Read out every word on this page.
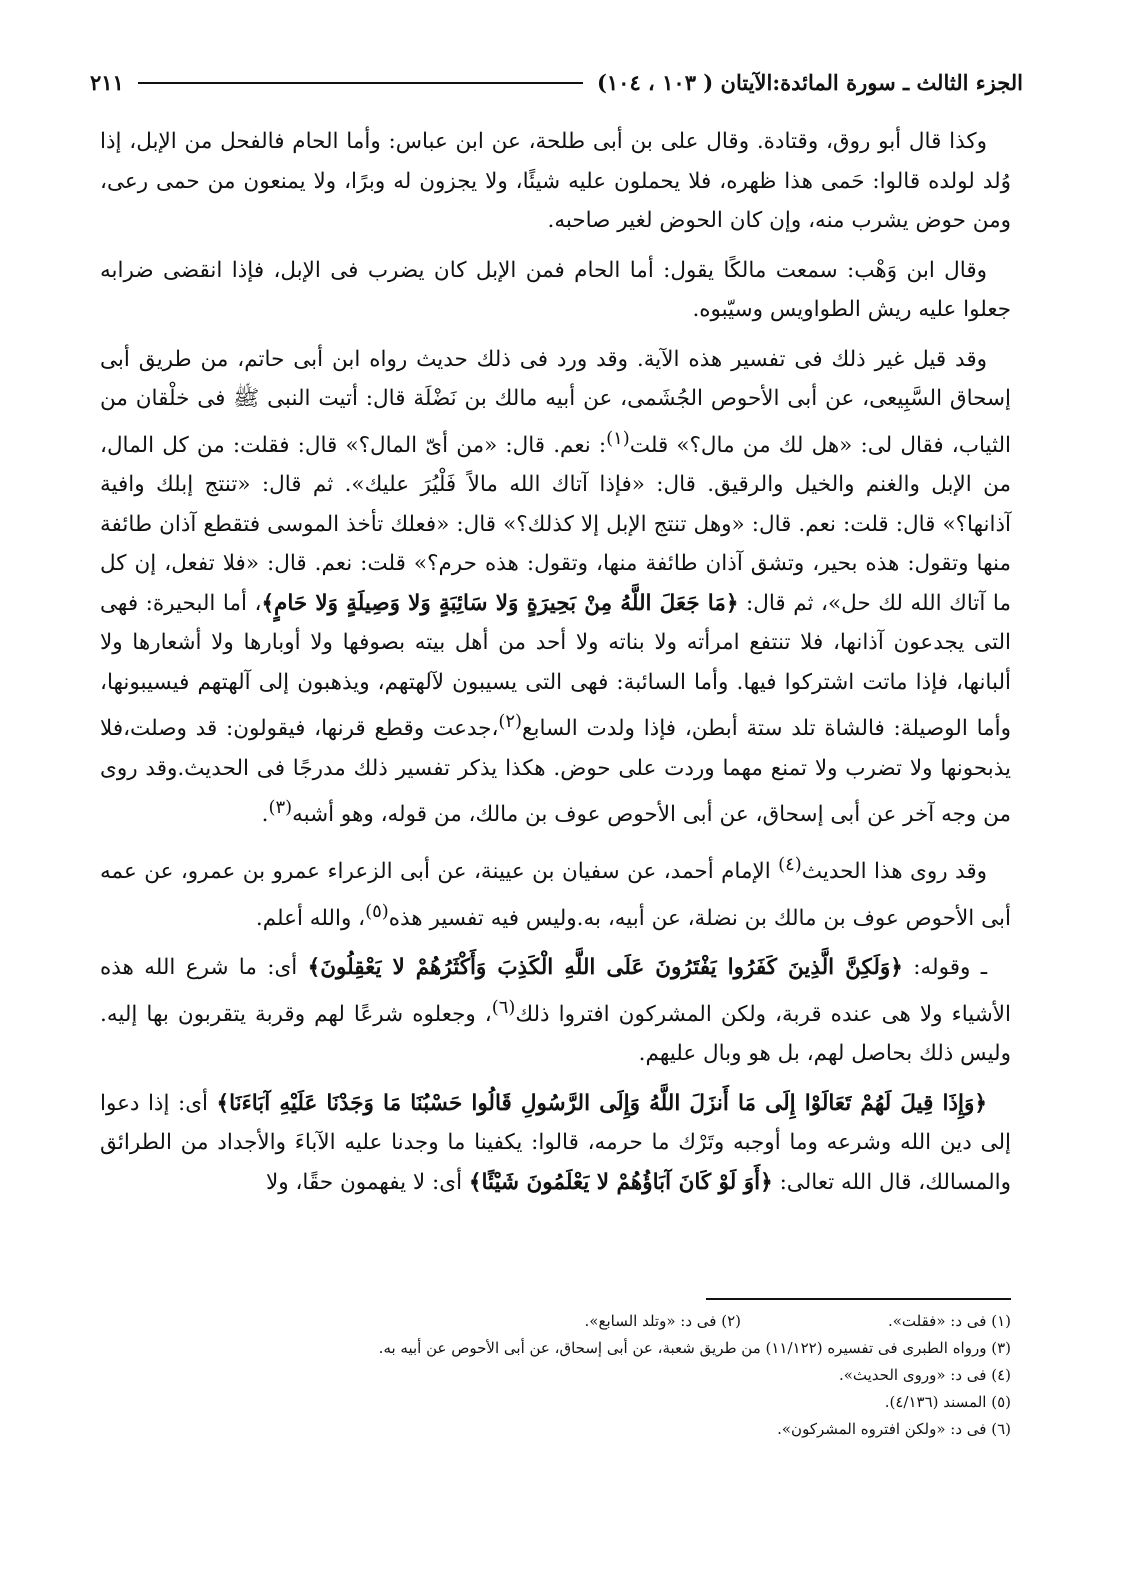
الجزء الثالث ـ سورة المائدة:الآيتان ( ١٠٣ ، ١٠٤)
٢١١

وكذا قال أبو روق، وقتادة. وقال على بن أبى طلحة، عن ابن عباس: وأما الحام فالفحل من الإبل، إذا وُلد لولده قالوا: حَمى هذا ظهره، فلا يحملون عليه شيئًا، ولا يجزون له وبرًا، ولا يمنعون من حمى رعى، ومن حوض يشرب منه، وإن كان الحوض لغير صاحبه.

وقال ابن وَهْب: سمعت مالكًا يقول: أما الحام فمن الإبل كان يضرب فى الإبل، فإذا انقضى ضرابه جعلوا عليه ريش الطواويس وسيّبوه.

وقد قيل غير ذلك فى تفسير هذه الآية. وقد ورد فى ذلك حديث رواه ابن أبى حاتم، من طريق أبى إسحاق السَّبِيعى، عن أبى الأحوص الجُشَمى، عن أبيه مالك بن نَضْلَة قال: أتيت النبى ﷺ فى خلْقان من الثياب، فقال لى: «هل لك من مال؟» قلت$^{(١)}$: نعم. قال: «من أىّ المال؟» قال: فقلت: من كل المال، من الإبل والغنم والخيل والرقيق. قال: «فإذا آتاك الله مالاً فَلْيُرَ عليك». ثم قال: «تنتج إبلك وافية آذانها؟» قال: قلت: نعم. قال: «وهل تنتج الإبل إلا كذلك؟» قال: «فعلك تأخذ الموسى فتقطع آذان طائفة منها وتقول: هذه بحير، وتشق آذان طائفة منها، وتقول: هذه حرم؟» قلت: نعم. قال: «فلا تفعل، إن كل ما آتاك الله لك حل»، ثم قال: ﴿مَا جَعَلَ اللَّهُ مِنْ بَحِيرَةٍ وَلا سَائِبَةٍ وَلا وَصِيلَةٍ وَلا حَامٍ﴾، أما البحيرة: فهى التى يجدعون آذانها، فلا تنتفع امرأته ولا بناته ولا أحد من أهل بيته بصوفها ولا أوبارها ولا أشعارها ولا ألبانها، فإذا ماتت اشتركوا فيها. وأما السائبة: فهى التى يسيبون لآلهتهم، ويذهبون إلى آلهتهم فيسيبونها، وأما الوصيلة: فالشاة تلد ستة أبطن، فإذا ولدت السابع$^{(٢)}$،جدعت وقطع قرنها، فيقولون: قد وصلت،فلا يذبحونها ولا تضرب ولا تمنع مهما وردت على حوض. هكذا يذكر تفسير ذلك مدرجًا فى الحديث.وقد روى من وجه آخر عن أبى إسحاق، عن أبى الأحوص عوف بن مالك، من قوله، وهو أشبه$^{(٣)}$.

وقد روى هذا الحديث$^{(٤)}$ الإمام أحمد، عن سفيان بن عيينة، عن أبى الزعراء عمرو بن عمرو، عن عمه أبى الأحوص عوف بن مالك بن نضلة، عن أبيه، به.وليس فيه تفسير هذه$^{(٥)}$، والله أعلم.

ـ وقوله: ﴿وَلَكِنَّ الَّذِينَ كَفَرُوا يَفْتَرُونَ عَلَى اللَّهِ الْكَذِبَ وَأَكْثَرُهُمْ لا يَعْقِلُونَ﴾ أى: ما شرع الله هذه الأشياء ولا هى عنده قربة، ولكن المشركون افتروا ذلك$^{(٦)}$، وجعلوه شرعًا لهم وقربة يتقربون بها إليه. وليس ذلك بحاصل لهم، بل هو وبال عليهم.

﴿وَإِذَا قِيلَ لَهُمْ تَعَالَوْا إِلَى مَا أَنزَلَ اللَّهُ وَإِلَى الرَّسُولِ قَالُوا حَسْبُنَا مَا وَجَدْنَا عَلَيْهِ آبَاءَنَا﴾ أى: إذا دعوا إلى دين الله وشرعه وما أوجبه وتَرْك ما حرمه، قالوا: يكفينا ما وجدنا عليه الآباءَ والأجداد من الطرائق والمسالك، قال الله تعالى: ﴿أَوَ لَوْ كَانَ آبَاؤُهُمْ لا يَعْلَمُونَ شَيْئًا﴾ أى: لا يفهمون حقًا، ولا

(١) فى د: «فقلت».
(٢) فى د: «وتلد السابع».
(٣) ورواه الطبرى فى تفسيره (١١/١٢٢) من طريق شعبة، عن أبى إسحاق، عن أبى الأحوص عن أبيه به.
(٤) فى د: «وروى الحديث».
(٥) المسند (٤/١٣٦).
(٦) فى د: «ولكن افتروه المشركون».
